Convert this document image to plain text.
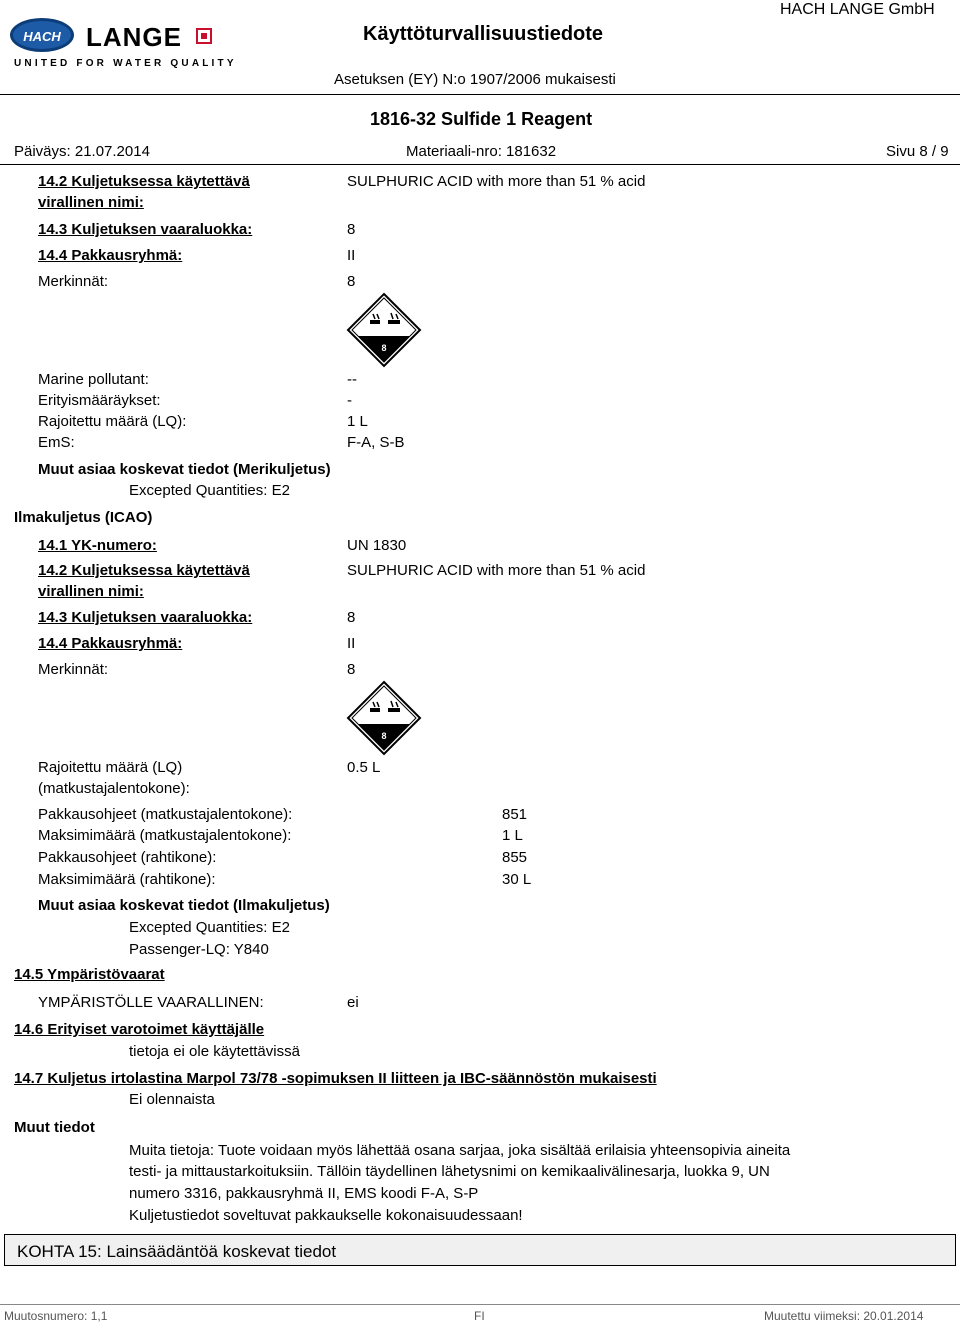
HACH LANGE
UNITED FOR WATER QUALITY
Käyttöturvallisuustiedote
Asetuksen (EY) N:o 1907/2006 mukaisesti
HACH LANGE GmbH
1816-32 Sulfide 1 Reagent
Päiväys: 21.07.2014	Materiaali-nro: 181632	Sivu 8 / 9
14.2 Kuljetuksessa käytettävä
virallinen nimi:
SULPHURIC ACID with more than 51 % acid
14.3 Kuljetuksen vaaraluokka:	8
14.4 Pakkausryhmä:	II
Merkinnät:	8
8
Marine pollutant:	--
Erityismääräykset:	-
Rajoitettu määrä (LQ):	1 L
EmS:	F-A, S-B
Muut asiaa koskevat tiedot (Merikuljetus)
Excepted Quantities: E2
Ilmakuljetus (ICAO)
14.1 YK-numero:	UN 1830
14.2 Kuljetuksessa käytettävä
virallinen nimi:
SULPHURIC ACID with more than 51 % acid
14.3 Kuljetuksen vaaraluokka:	8
14.4 Pakkausryhmä:	II
Merkinnät:	8
8
Rajoitettu määrä (LQ)
(matkustajalentokone):
0.5 L
Pakkausohjeet (matkustajalentokone):	851
Maksimimäärä (matkustajalentokone):	1 L
Pakkausohjeet (rahtikone):	855
Maksimimäärä (rahtikone):	30 L
Muut asiaa koskevat tiedot (Ilmakuljetus)
Excepted Quantities: E2
Passenger-LQ: Y840
14.5 Ympäristövaarat
YMPÄRISTÖLLE VAARALLINEN:	ei
14.6 Erityiset varotoimet käyttäjälle
tietoja ei ole käytettävissä
14.7 Kuljetus irtolastina Marpol 73/78 -sopimuksen II liitteen ja IBC-säännöstön mukaisesti
Ei olennaista
Muut tiedot
Muita tietoja: Tuote voidaan myös lähettää osana sarjaa, joka sisältää erilaisia yhteensopivia aineita
testi- ja mittaustarkoituksiin. Tällöin täydellinen lähetysnimi on kemikaalivälinesarja, luokka 9, UN
numero 3316, pakkausryhmä II, EMS koodi F-A, S-P
Kuljetustiedot soveltuvat pakkaukselle kokonaisuudessaan!
KOHTA 15: Lainsäädäntöä koskevat tiedot
Muutosnumero: 1,1	FI	Muutettu viimeksi: 20.01.2014
